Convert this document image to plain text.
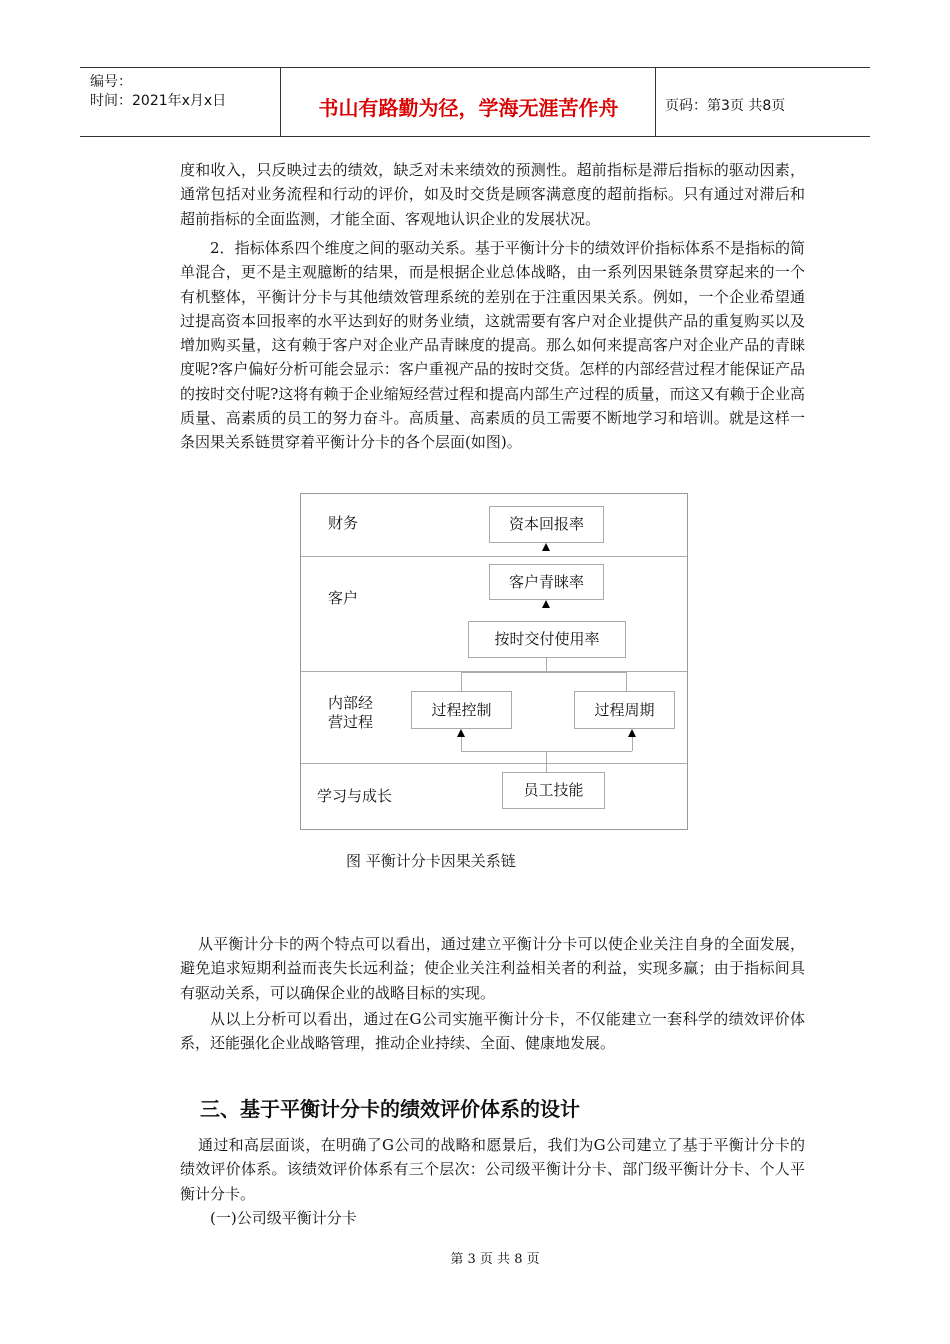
编号：
时间：2021年x月x日	书山有路勤为径，学海无涯苦作舟	页码：第3页 共8页

度和收入，只反映过去的绩效，缺乏对未来绩效的预测性。超前指标是滞后指标的驱动因素，通常包括对业务流程和行动的评价，如及时交货是顾客满意度的超前指标。只有通过对滞后和超前指标的全面监测，才能全面、客观地认识企业的发展状况。

2．指标体系四个维度之间的驱动关系。基于平衡计分卡的绩效评价指标体系不是指标的简单混合，更不是主观臆断的结果，而是根据企业总体战略，由一系列因果链条贯穿起来的一个有机整体，平衡计分卡与其他绩效管理系统的差别在于注重因果关系。例如，一个企业希望通过提高资本回报率的水平达到好的财务业绩，这就需要有客户对企业提供产品的重复购买以及增加购买量，这有赖于客户对企业产品青睐度的提高。那么如何来提高客户对企业产品的青睐度呢?客户偏好分析可能会显示：客户重视产品的按时交货。怎样的内部经营过程才能保证产品的按时交付呢?这将有赖于企业缩短经营过程和提高内部生产过程的质量，而这又有赖于企业高质量、高素质的员工的努力奋斗。高质量、高素质的员工需要不断地学习和培训。就是这样一条因果关系链贯穿着平衡计分卡的各个层面(如图)。

财务
客户
内部经
营过程
学习与成长
资本回报率
客户青睐率
按时交付使用率
过程控制	过程周期
员工技能
图 平衡计分卡因果关系链

从平衡计分卡的两个特点可以看出，通过建立平衡计分卡可以使企业关注自身的全面发展，避免追求短期利益而丧失长远利益；使企业关注利益相关者的利益，实现多赢；由于指标间具有驱动关系，可以确保企业的战略目标的实现。

从以上分析可以看出，通过在G公司实施平衡计分卡，不仅能建立一套科学的绩效评价体系，还能强化企业战略管理，推动企业持续、全面、健康地发展。

三、基于平衡计分卡的绩效评价体系的设计

通过和高层面谈，在明确了G公司的战略和愿景后，我们为G公司建立了基于平衡计分卡的绩效评价体系。该绩效评价体系有三个层次：公司级平衡计分卡、部门级平衡计分卡、个人平衡计分卡。

(一)公司级平衡计分卡

第 3 页 共 8 页
